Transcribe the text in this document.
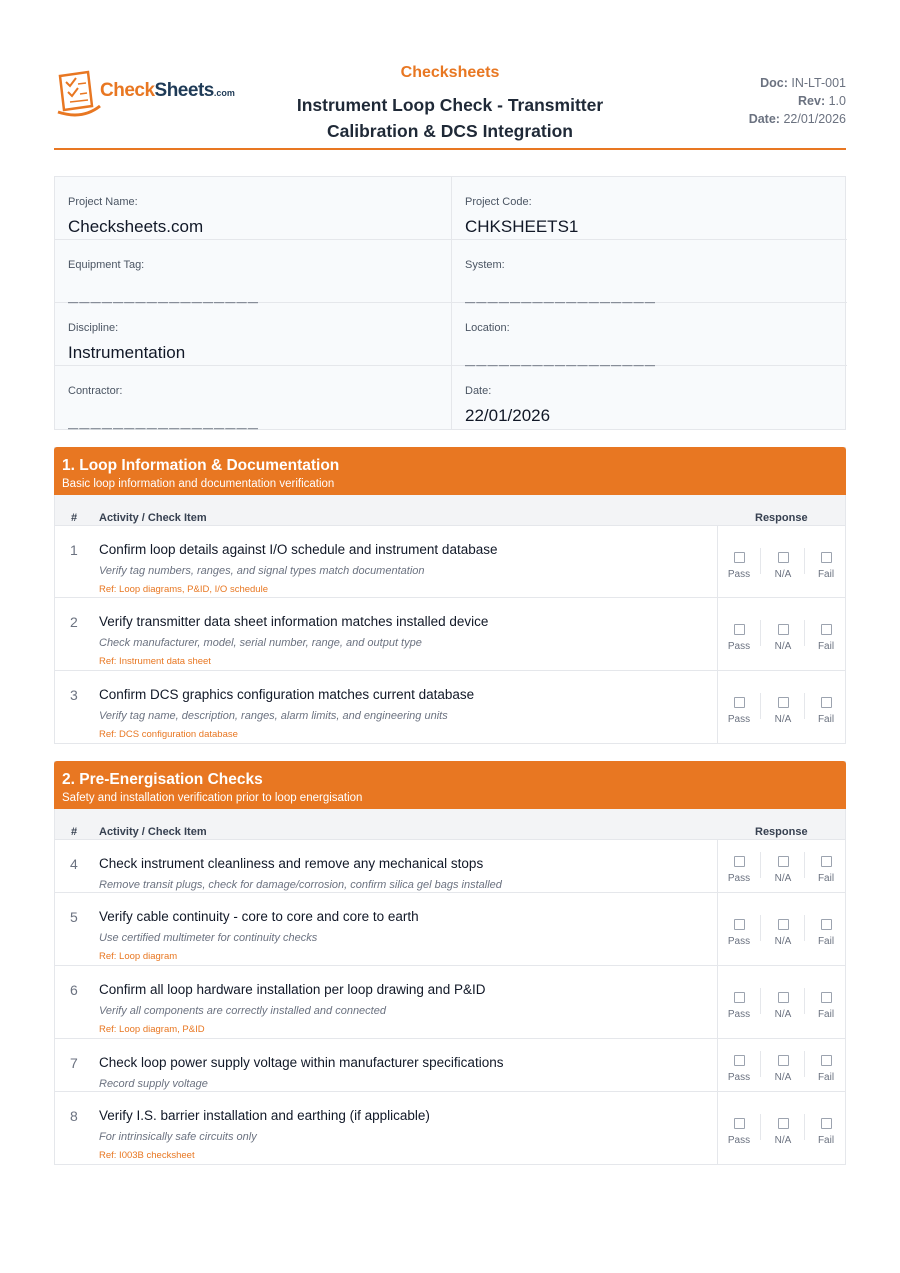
CheckSheets.com
Checksheets
Instrument Loop Check - Transmitter
Calibration & DCS Integration
Doc: IN-LT-001
Rev: 1.0
Date: 22/01/2026
Project Name:
Checksheets.com
Project Code:
CHKSHEETS1
Equipment Tag:
_________________
System:
_________________
Discipline:
Instrumentation
Location:
_________________
Contractor:
_________________
Date:
22/01/2026
1. Loop Information & Documentation
Basic loop information and documentation verification
# Activity / Check Item	Response
1 Confirm loop details against I/O schedule and instrument database
Verify tag numbers, ranges, and signal types match documentation
Ref: Loop diagrams, P&ID, I/O schedule
Pass	N/A	Fail
2 Verify transmitter data sheet information matches installed device
Check manufacturer, model, serial number, range, and output type
Ref: Instrument data sheet
Pass	N/A	Fail
3 Confirm DCS graphics configuration matches current database
Verify tag name, description, ranges, alarm limits, and engineering units
Ref: DCS configuration database
Pass	N/A	Fail
2. Pre-Energisation Checks
Safety and installation verification prior to loop energisation
# Activity / Check Item	Response
4 Check instrument cleanliness and remove any mechanical stops
Remove transit plugs, check for damage/corrosion, confirm silica gel bags installed
Pass	N/A	Fail
5 Verify cable continuity - core to core and core to earth
Use certified multimeter for continuity checks
Ref: Loop diagram
Pass	N/A	Fail
6 Confirm all loop hardware installation per loop drawing and P&ID
Verify all components are correctly installed and connected
Ref: Loop diagram, P&ID
Pass	N/A	Fail
7 Check loop power supply voltage within manufacturer specifications
Record supply voltage
Pass	N/A	Fail
8 Verify I.S. barrier installation and earthing (if applicable)
For intrinsically safe circuits only
Ref: I003B checksheet
Pass	N/A	Fail
